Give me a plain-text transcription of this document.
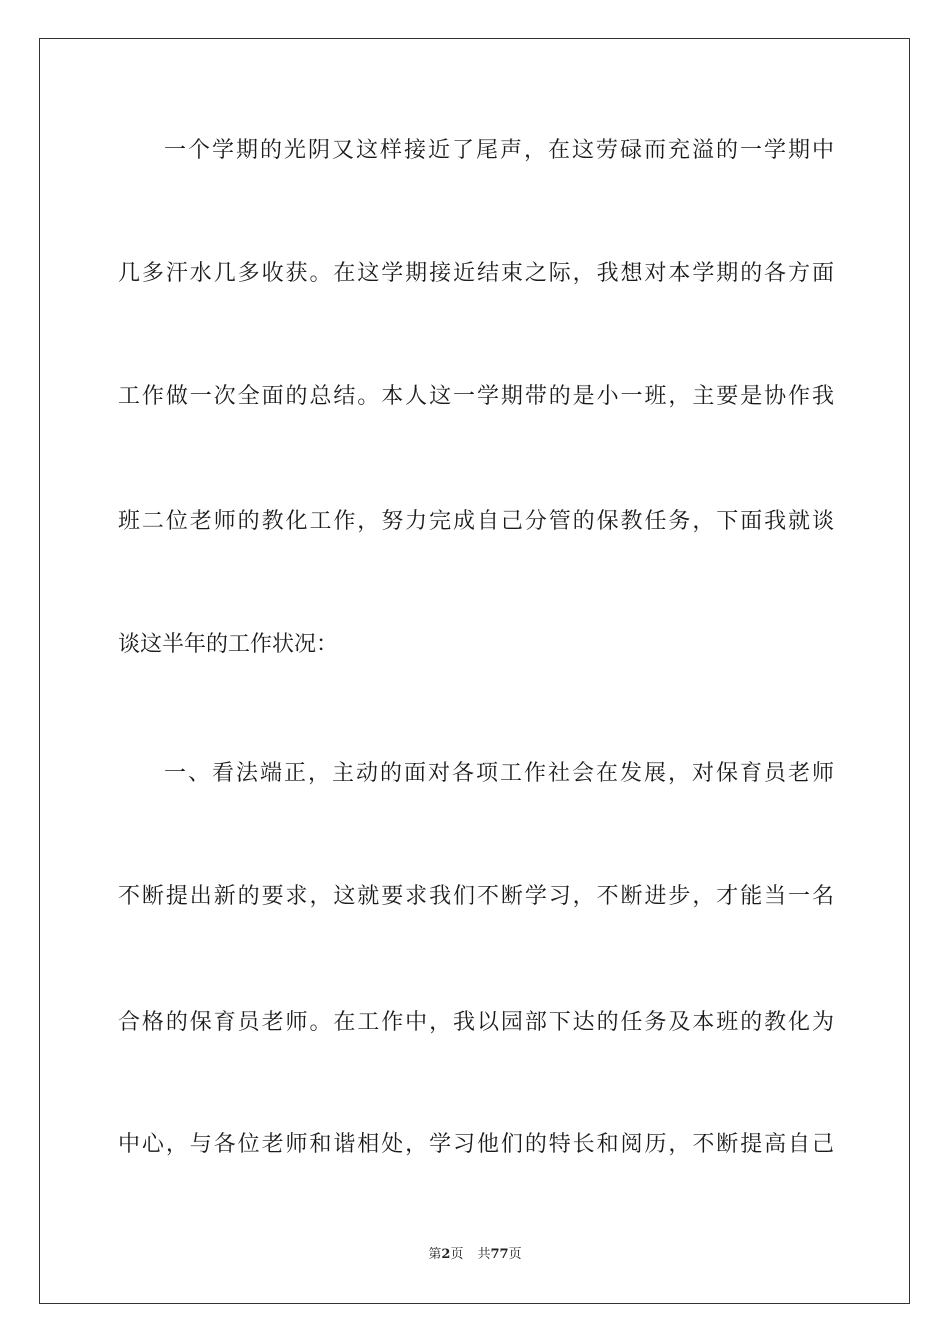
一个学期的光阴又这样接近了尾声，在这劳碌而充溢的一学期中
几多汗水几多收获。在这学期接近结束之际，我想对本学期的各方面
工作做一次全面的总结。本人这一学期带的是小一班，主要是协作我
班二位老师的教化工作，努力完成自己分管的保教任务，下面我就谈
谈这半年的工作状况：
一、看法端正，主动的面对各项工作社会在发展，对保育员老师
不断提出新的要求，这就要求我们不断学习，不断进步，才能当一名
合格的保育员老师。在工作中，我以园部下达的任务及本班的教化为
中心，与各位老师和谐相处，学习他们的特长和阅历，不断提高自己
第2页 共77页
